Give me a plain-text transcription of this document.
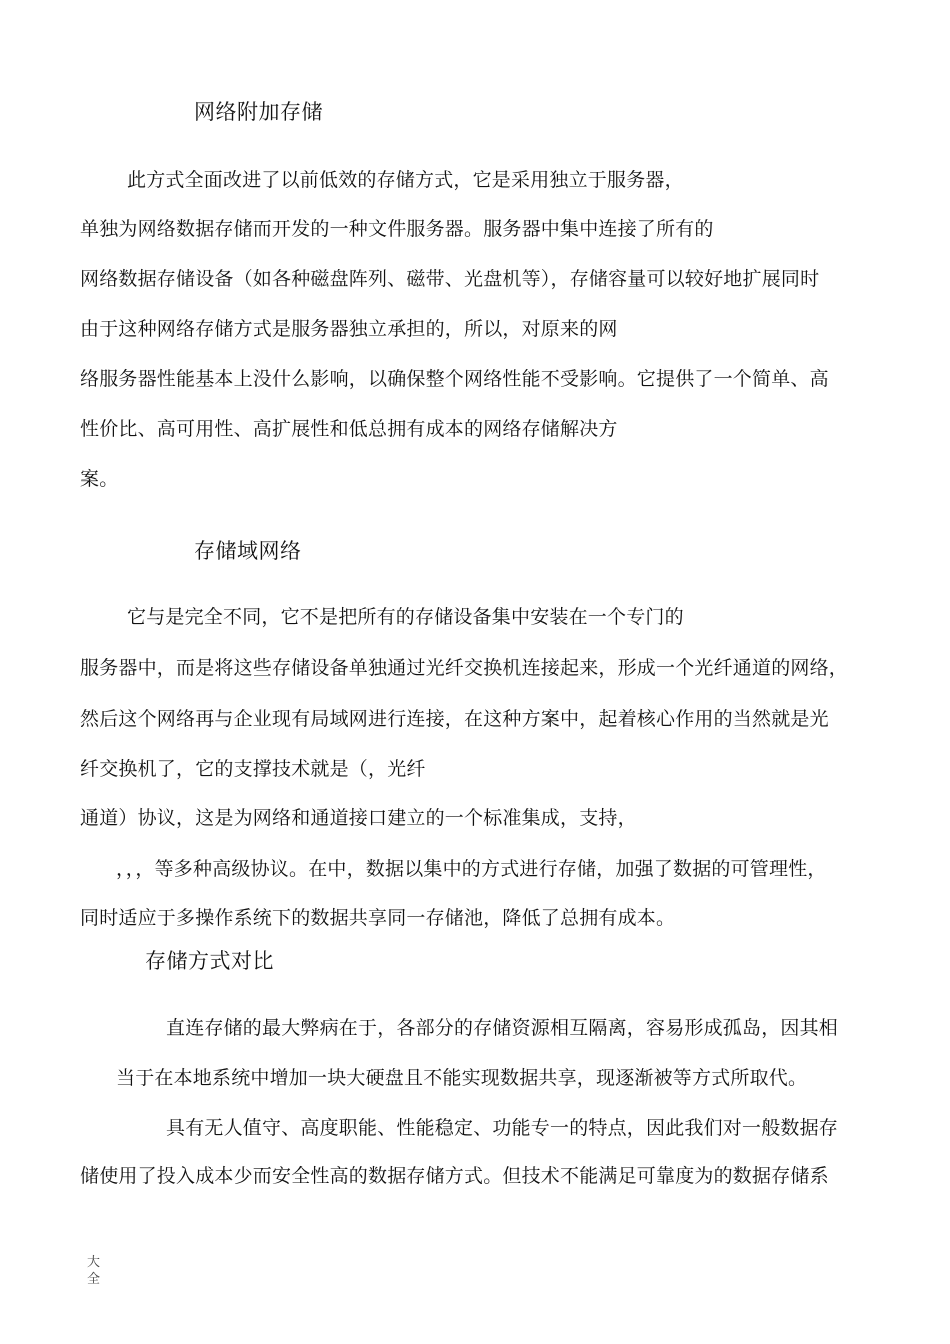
网络附加存储
此方式全面改进了以前低效的存储方式，它是采用独立于服务器，
单独为网络数据存储而开发的一种文件服务器。服务器中集中连接了所有的
网络数据存储设备（如各种磁盘阵列、磁带、光盘机等），存储容量可以较好地扩展同时
由于这种网络存储方式是服务器独立承担的，所以，对原来的网
络服务器性能基本上没什么影响，以确保整个网络性能不受影响。它提供了一个简单、高
性价比、高可用性、高扩展性和低总拥有成本的网络存储解决方
案。
存储域网络
它与是完全不同，它不是把所有的存储设备集中安装在一个专门的
服务器中，而是将这些存储设备单独通过光纤交换机连接起来，形成一个光纤通道的网络，
然后这个网络再与企业现有局域网进行连接，在这种方案中，起着核心作用的当然就是光
纤交换机了，它的支撑技术就是（，光纤
通道）协议，这是为网络和通道接口建立的一个标准集成，支持，
，，，等多种高级协议。在中，数据以集中的方式进行存储，加强了数据的可管理性，
同时适应于多操作系统下的数据共享同一存储池，降低了总拥有成本。
存储方式对比
直连存储的最大弊病在于，各部分的存储资源相互隔离，容易形成孤岛，因其相
当于在本地系统中增加一块大硬盘且不能实现数据共享，现逐渐被等方式所取代。
具有无人值守、高度职能、性能稳定、功能专一的特点，因此我们对一般数据存
储使用了投入成本少而安全性高的数据存储方式。但技术不能满足可靠度为的数据存储系
大全
